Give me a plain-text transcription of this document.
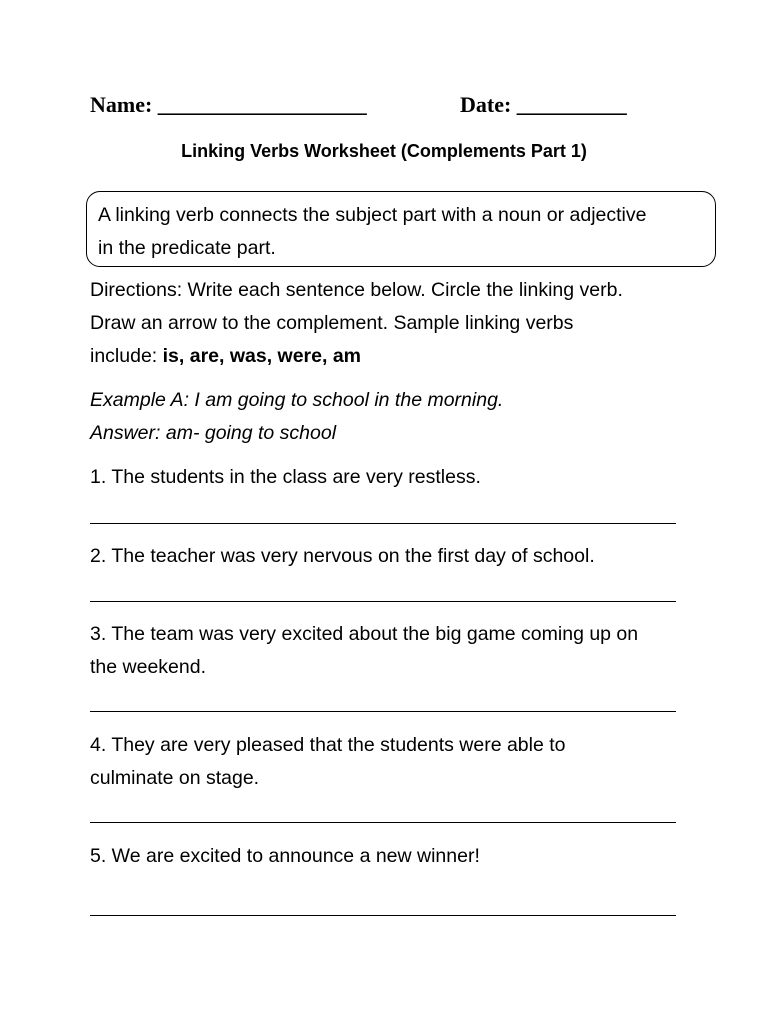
Name: ___________________	Date: __________
Linking Verbs Worksheet (Complements Part 1)
A linking verb connects the subject part with a noun or adjective
in the predicate part.
Directions: Write each sentence below. Circle the linking verb.
Draw an arrow to the complement. Sample linking verbs
include: is, are, was, were, am
Example A: I am going to school in the morning.
Answer: am- going to school
1. The students in the class are very restless.
2. The teacher was very nervous on the first day of school.
3. The team was very excited about the big game coming up on
the weekend.
4. They are very pleased that the students were able to
culminate on stage.
5. We are excited to announce a new winner!
